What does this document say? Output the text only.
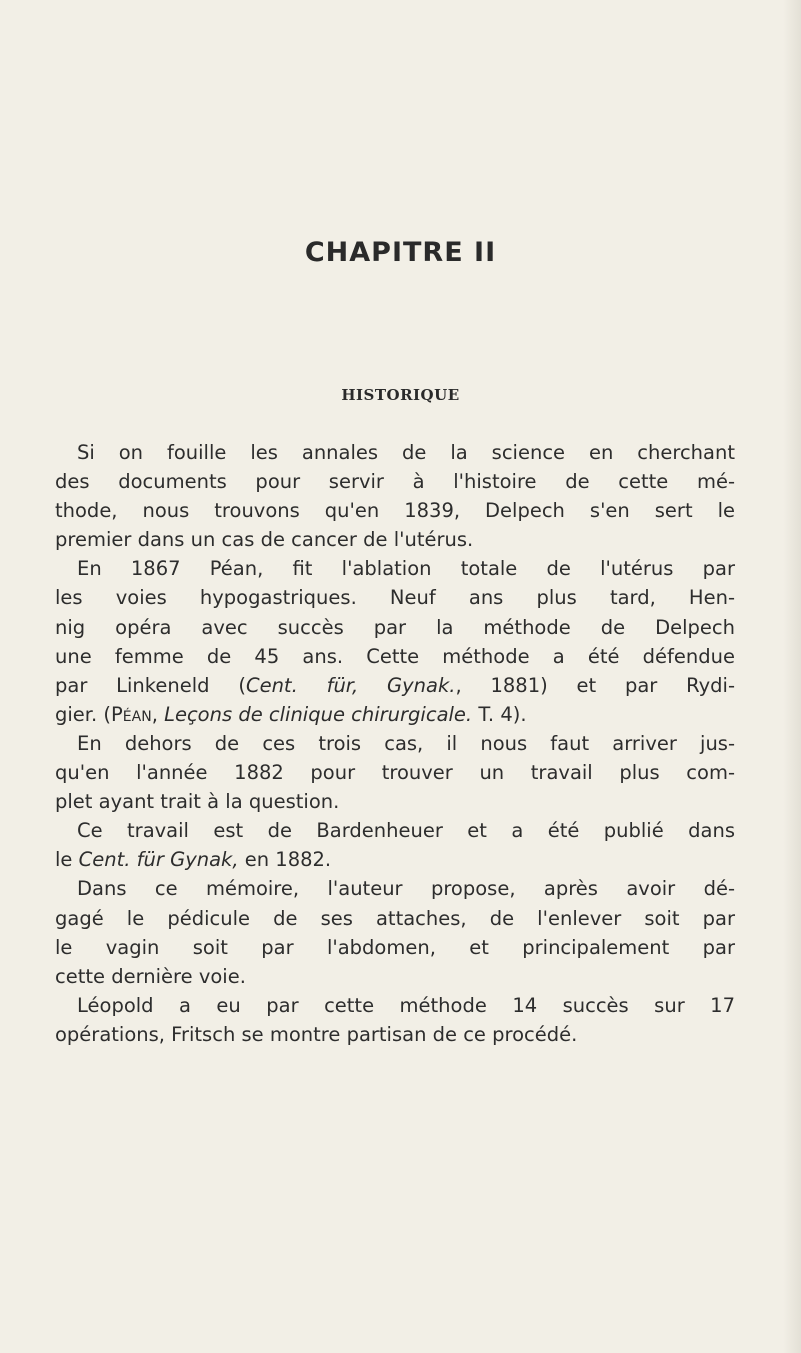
CHAPITRE II
HISTORIQUE
Si on fouille les annales de la science en cherchant
des documents pour servir à l'histoire de cette mé-
thode, nous trouvons qu'en 1839, Delpech s'en sert le
premier dans un cas de cancer de l'utérus.
En 1867 Péan, fit l'ablation totale de l'utérus par
les voies hypogastriques. Neuf ans plus tard, Hen-
nig opéra avec succès par la méthode de Delpech
une femme de 45 ans. Cette méthode a été défendue
par Linkeneld (Cent. für, Gynak., 1881) et par Rydi-
gier. (Péan, Leçons de clinique chirurgicale. T. 4).
En dehors de ces trois cas, il nous faut arriver jus-
qu'en l'année 1882 pour trouver un travail plus com-
plet ayant trait à la question.
Ce travail est de Bardenheuer et a été publié dans
le Cent. für Gynak, en 1882.
Dans ce mémoire, l'auteur propose, après avoir dé-
gagé le pédicule de ses attaches, de l'enlever soit par
le vagin soit par l'abdomen, et principalement par
cette dernière voie.
Léopold a eu par cette méthode 14 succès sur 17
opérations, Fritsch se montre partisan de ce procédé.
